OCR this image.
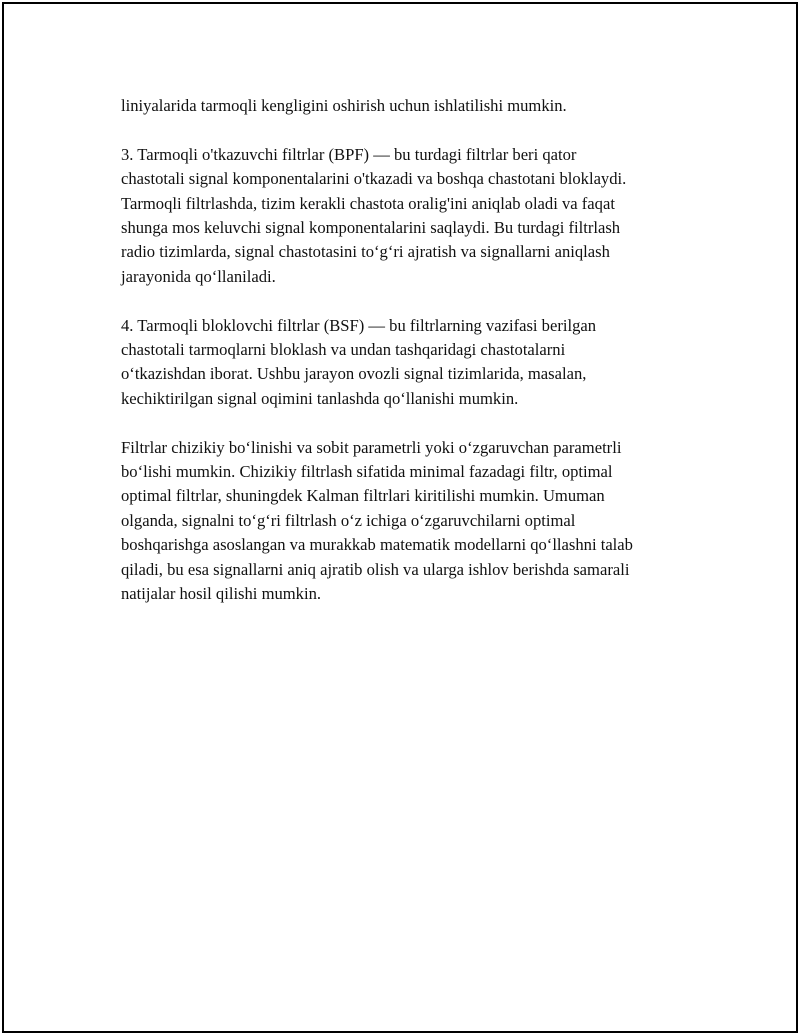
liniyalarida tarmoqli kengligini oshirish uchun ishlatilishi mumkin.

3. Tarmoqli o'tkazuvchi filtrlar (BPF) — bu turdagi filtrlar beri qator
chastotali signal komponentalarini o'tkazadi va boshqa chastotani bloklaydi.
Tarmoqli filtrlashda, tizim kerakli chastota oralig'ini aniqlab oladi va faqat
shunga mos keluvchi signal komponentalarini saqlaydi. Bu turdagi filtrlash
radio tizimlarda, signal chastotasini to‘g‘ri ajratish va signallarni aniqlash
jarayonida qo‘llaniladi.

4. Tarmoqli bloklovchi filtrlar (BSF) — bu filtrlarning vazifasi berilgan
chastotali tarmoqlarni bloklash va undan tashqaridagi chastotalarni
o‘tkazishdan iborat. Ushbu jarayon ovozli signal tizimlarida, masalan,
kechiktirilgan signal oqimini tanlashda qo‘llanishi mumkin.

Filtrlar chizikiy bo‘linishi va sobit parametrli yoki o‘zgaruvchan parametrli
bo‘lishi mumkin. Chizikiy filtrlash sifatida minimal fazadagi filtr, optimal
optimal filtrlar, shuningdek Kalman filtrlari kiritilishi mumkin. Umuman
olganda, signalni to‘g‘ri filtrlash o‘z ichiga o‘zgaruvchilarni optimal
boshqarishga asoslangan va murakkab matematik modellarni qo‘llashni talab
qiladi, bu esa signallarni aniq ajratib olish va ularga ishlov berishda samarali
natijalar hosil qilishi mumkin.
